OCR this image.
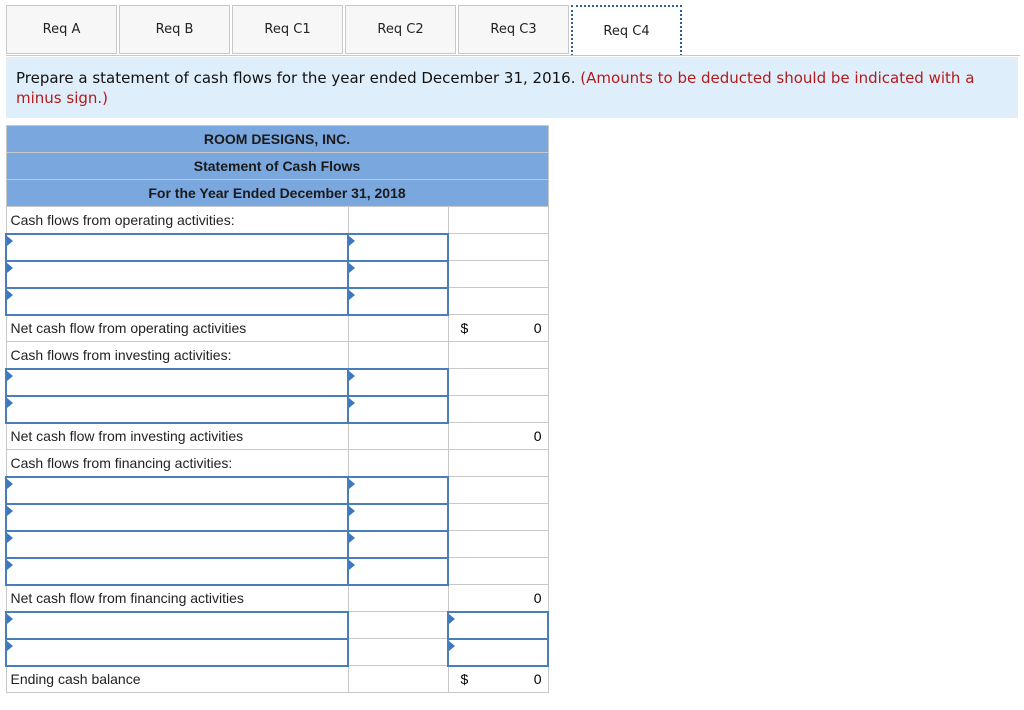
Req A	Req B	Req C1	Req C2	Req C3	Req C4
Prepare a statement of cash flows for the year ended December 31, 2016. (Amounts to be deducted should be indicated with a minus sign.)
ROOM DESIGNS, INC.		
Statement of Cash Flows		
For the Year Ended December 31, 2018		
Cash flows from operating activities:		

Net cash flow from operating activities		$ 0

Cash flows from investing activities:		

Net cash flow from investing activities		0
Cash flows from financing activities:		

Net cash flow from financing activities		0

Ending cash balance		$ 0
